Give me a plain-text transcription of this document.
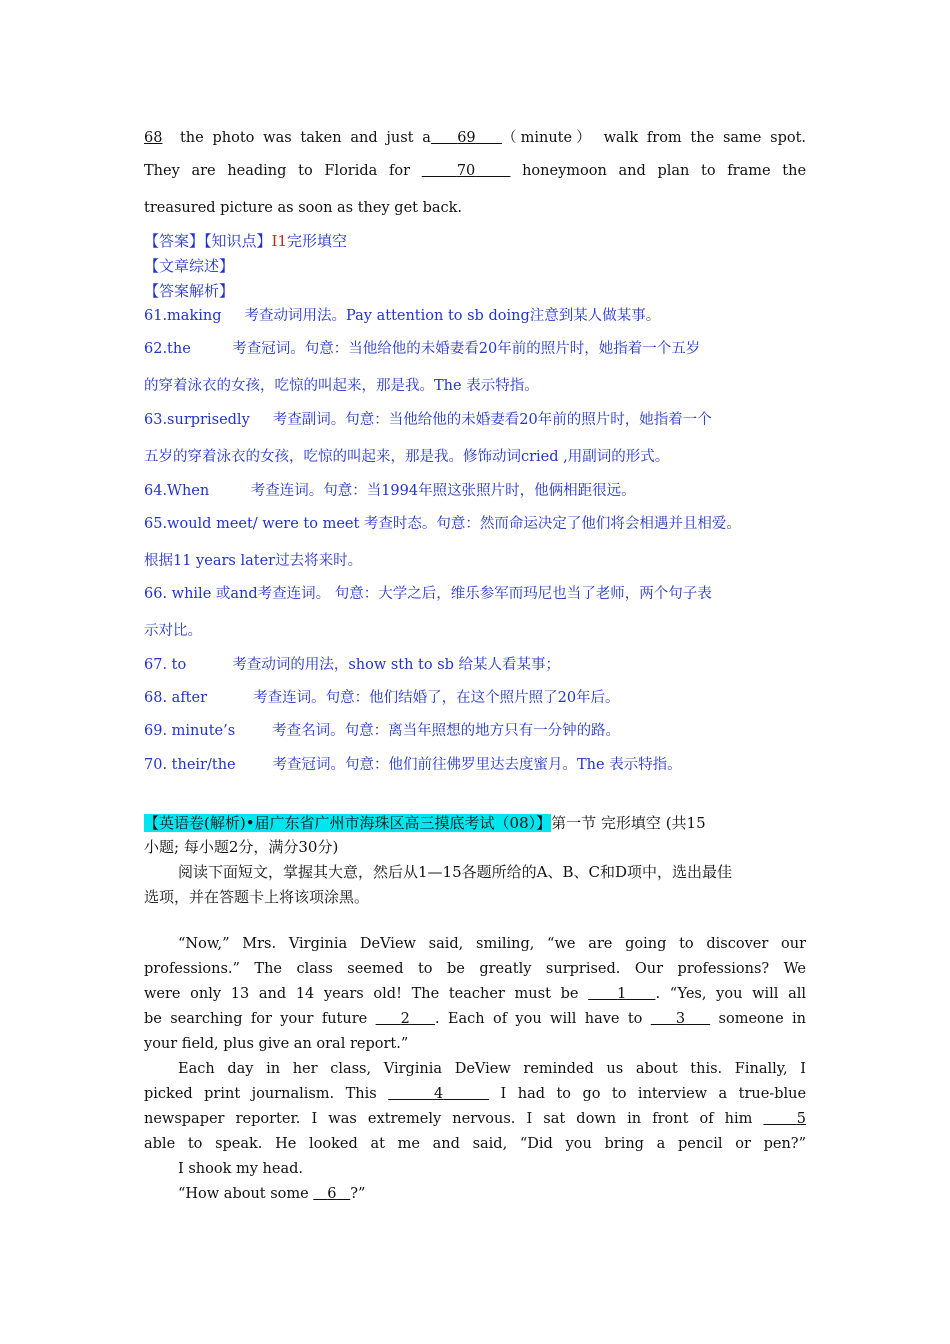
68 the photo was taken and just a 69 （minute） walk from the same spot.
They are heading to Florida for	70	honeymoon and plan to frame the
treasured picture as soon as they get back.
【答案】【知识点】I1完形填空
【文章综述】
【答案解析】
61.making     考查动词用法。Pay attention to sb doing注意到某人做某事。
62.the         考查冠词。句意：当他给他的未婚妻看20年前的照片时，她指着一个五岁
的穿着泳衣的女孩，吃惊的叫起来，那是我。The 表示特指。
63.surprisedly     考查副词。句意：当他给他的未婚妻看20年前的照片时，她指着一个
五岁的穿着泳衣的女孩，吃惊的叫起来，那是我。修饰动词cried ,用副词的形式。
64.When         考查连词。句意：当1994年照这张照片时，他俩相距很远。
65.would meet/ were to meet 考查时态。句意：然而命运决定了他们将会相遇并且相爱。
根据11 years later过去将来时。
66. while 或and考查连词。 句意：大学之后，维乐参军而玛尼也当了老师，两个句子表
示对比。
67. to          考查动词的用法，show sth to sb 给某人看某事；
68. after          考查连词。句意：他们结婚了，在这个照片照了20年后。
69. minute’s        考查名词。句意：离当年照想的地方只有一分钟的路。
70. their/the        考查冠词。句意：他们前往佛罗里达去度蜜月。The 表示特指。
【英语卷(解析)•届广东省广州市海珠区高三摸底考试（08）】第一节 完形填空 (共15
小题; 每小题2分，满分30分)
阅读下面短文，掌握其大意，然后从1—15各题所给的A、B、C和D项中，选出最佳
选项，并在答题卡上将该项涂黑。
“Now,” Mrs. Virginia DeView said, smiling, “we are going to discover our
professions.” The class seemed to be greatly surprised. Our professions? We
were only 13 and 14 years old! The teacher must be	1 . “Yes, you will all
be searching for your future 2 . Each of you will have to 3 someone in
your field, plus give an oral report.”
Each day in her class, Virginia DeView reminded us about this. Finally, I
picked print journalism. This	4	I had to go to interview a true-blue
newspaper reporter. I was extremely nervous. I sat down in front of him	5
able to speak. He looked at me and said, “Did you bring a pencil or pen?”
I shook my head.
“How about some 6 ?”
